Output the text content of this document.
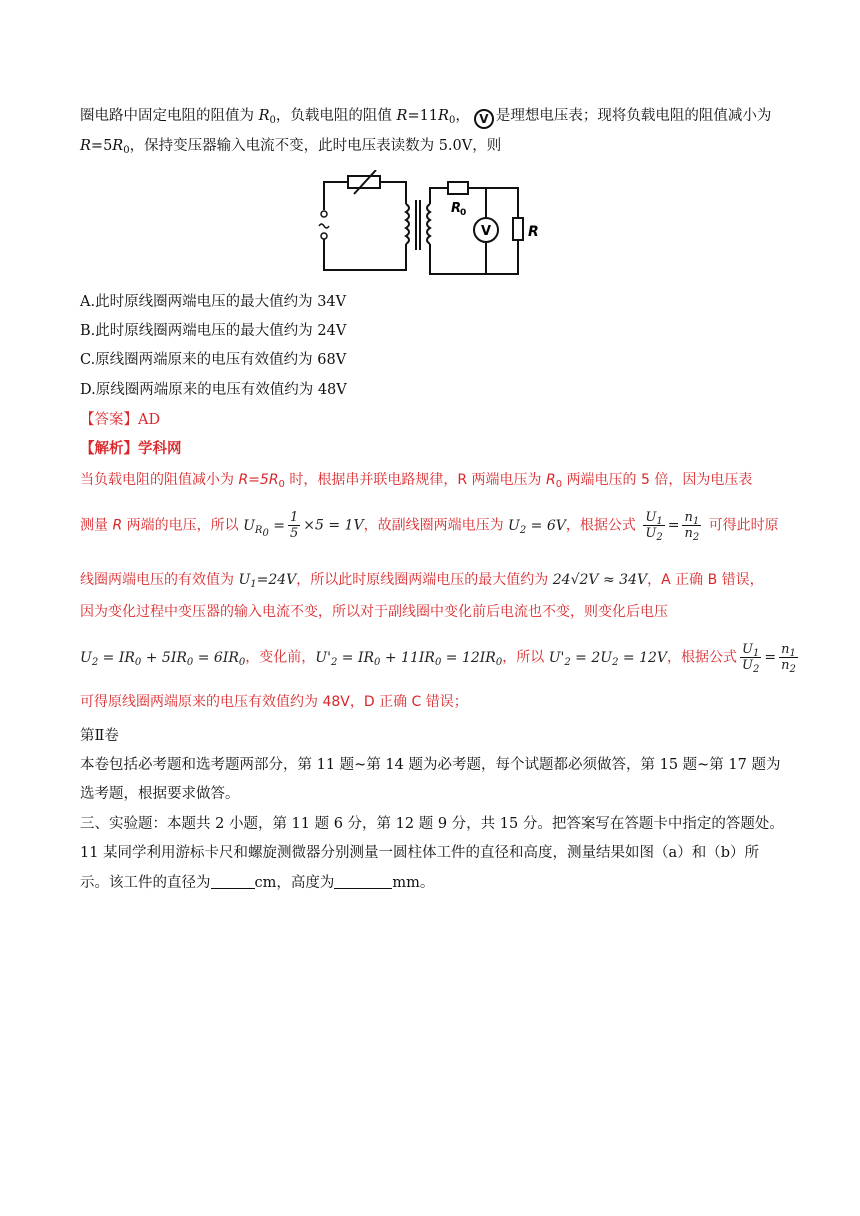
圈电路中固定电阻的阻值为 $R_0$，负载电阻的阻值 $R=11R_0$， V 是理想电压表；现将负载电阻的阻值减小为
$R=5R_0$，保持变压器输入电流不变，此时电压表读数为 5.0V，则
R
0
V	R
A.此时原线圈两端电压的最大值约为 34V
B.此时原线圈两端电压的最大值约为 24V
C.原线圈两端原来的电压有效值约为 68V
D.原线圈两端原来的电压有效值约为 48V
【答案】AD
【解析】学科网
当负载电阻的阻值减小为 $R=5R_0$ 时，根据串并联电路规律，R 两端电压为 $R_0$ 两端电压的 5 倍，因为电压表
测量 R 两端的电压，所以 $U_{R_0} = \frac{1}{5} \times 5 = 1V$，故副线圈两端电压为 $U_2 = 6V$，根据公式 $\frac{U_1}{U_2} = \frac{n_1}{n_2}$ 可得此时原
线圈两端电压的有效值为 $U_1=24V$，所以此时原线圈两端电压的最大值约为 24√2V ≈ 34V，A 正确 B 错误，
因为变化过程中变压器的输入电流不变，所以对于副线圈中变化前后电流也不变，则变化后电压
$U_2 = IR_0 + 5IR_0 = 6IR_0$，变化前，$U'_2 = IR_0 + 11IR_0 = 12IR_0$，所以 $U'_2 = 2U_2 = 12V$，根据公式 $\frac{U_1}{U_2} = \frac{n_1}{n_2}$
可得原线圈两端原来的电压有效值约为 48V，D 正确 C 错误；
第Ⅱ卷
本卷包括必考题和选考题两部分，第 11 题~第 14 题为必考题，每个试题都必须做答，第 15 题~第 17 题为
选考题，根据要求做答。
三、实验题：本题共 2 小题，第 11 题 6 分，第 12 题 9 分，共 15 分。把答案写在答题卡中指定的答题处。
11 某同学利用游标卡尺和螺旋测微器分别测量一圆柱体工件的直径和高度，测量结果如图（a）和（b）所
示。该工件的直径为	cm，高度为	mm。
